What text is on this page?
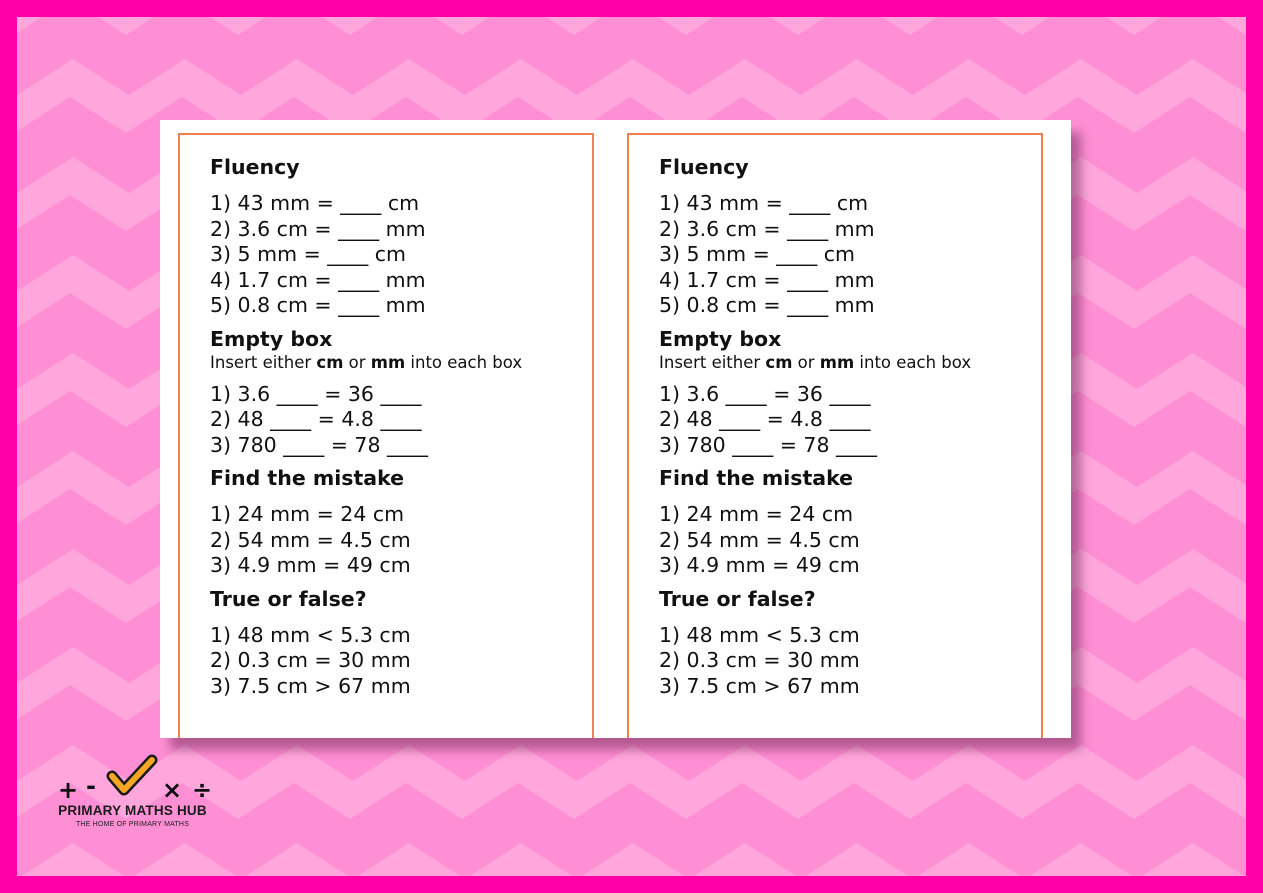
Fluency
1) 43 mm = ____ cm
2) 3.6 cm = ____ mm
3) 5 mm = ____ cm
4) 1.7 cm = ____ mm
5) 0.8 cm = ____ mm
Empty box
Insert either cm or mm into each box
1) 3.6 ____ = 36 ____
2) 48 ____ = 4.8 ____
3) 780 ____ = 78 ____
Find the mistake
1) 24 mm = 24 cm
2) 54 mm = 4.5 cm
3) 4.9 mm = 49 cm
True or false?
1) 48 mm < 5.3 cm
2) 0.3 cm = 30 mm
3) 7.5 cm > 67 mm
Fluency
1) 43 mm = ____ cm
2) 3.6 cm = ____ mm
3) 5 mm = ____ cm
4) 1.7 cm = ____ mm
5) 0.8 cm = ____ mm
Empty box
Insert either cm or mm into each box
1) 3.6 ____ = 36 ____
2) 48 ____ = 4.8 ____
3) 780 ____ = 78 ____
Find the mistake
1) 24 mm = 24 cm
2) 54 mm = 4.5 cm
3) 4.9 mm = 49 cm
True or false?
1) 48 mm < 5.3 cm
2) 0.3 cm = 30 mm
3) 7.5 cm > 67 mm
+ -	× ÷
PRIMARY MATHS HUB
THE HOME OF PRIMARY MATHS
